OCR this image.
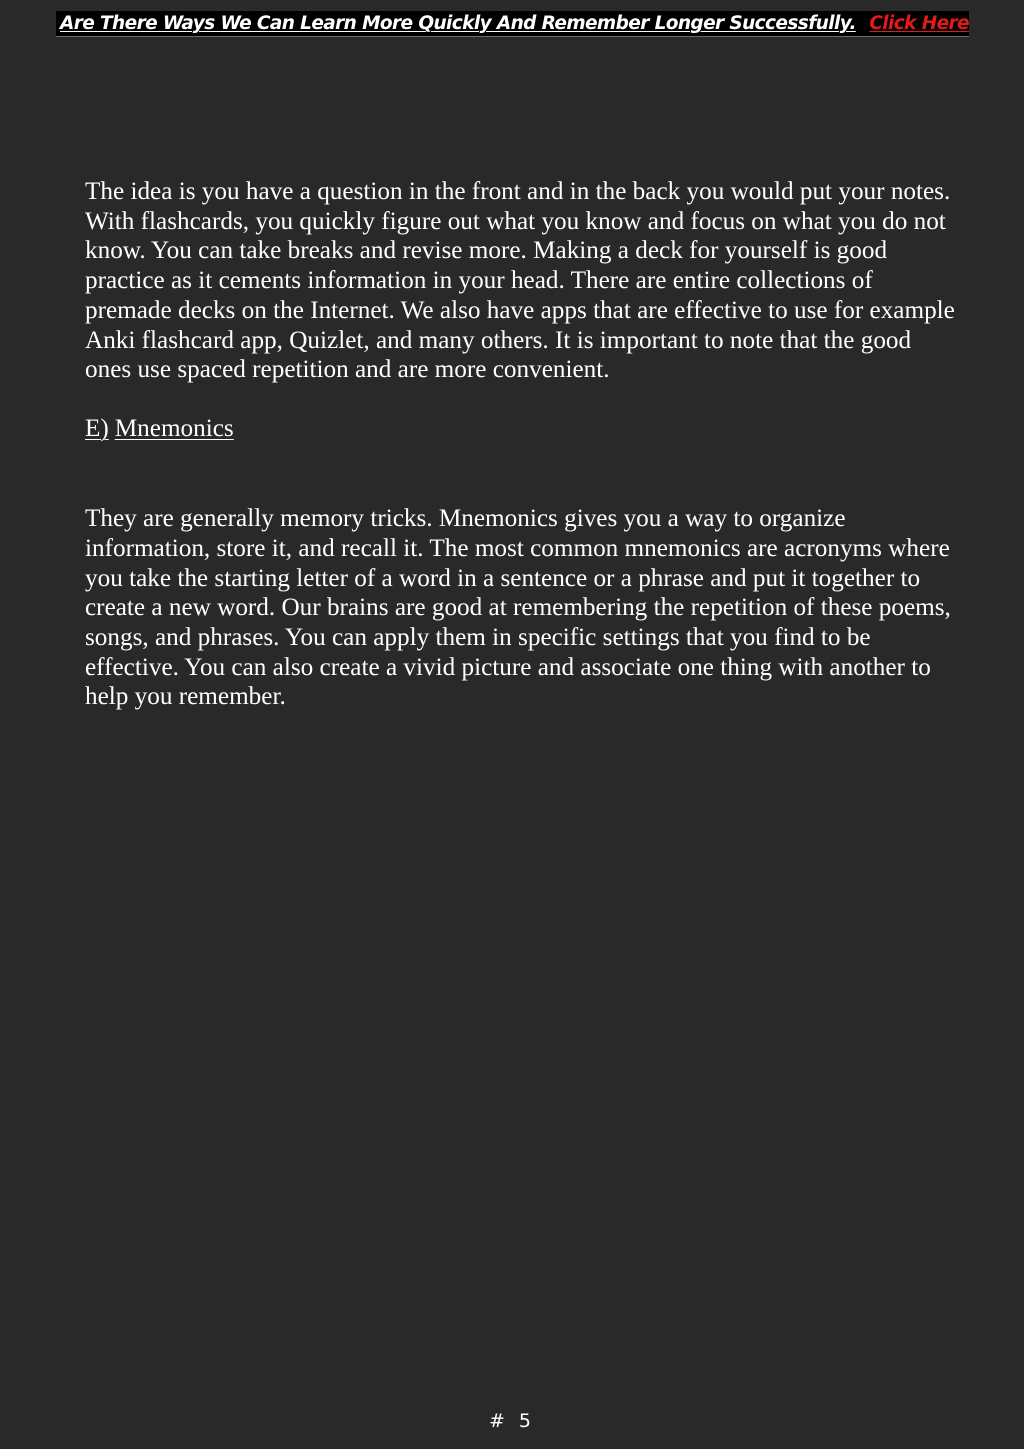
Are There Ways We Can Learn More Quickly And Remember Longer Successfully. Click Here

The idea is you have a question in the front and in the back you would put your notes. With flashcards, you quickly figure out what you know and focus on what you do not know. You can take breaks and revise more. Making a deck for yourself is good practice as it cements information in your head. There are entire collections of premade decks on the Internet. We also have apps that are effective to use for example Anki flashcard app, Quizlet, and many others. It is important to note that the good ones use spaced repetition and are more convenient.

E) Mnemonics

They are generally memory tricks. Mnemonics gives you a way to organize information, store it, and recall it. The most common mnemonics are acronyms where you take the starting letter of a word in a sentence or a phrase and put it together to create a new word. Our brains are good at remembering the repetition of these poems, songs, and phrases. You can apply them in specific settings that you find to be effective. You can also create a vivid picture and associate one thing with another to help you remember.

# 5
